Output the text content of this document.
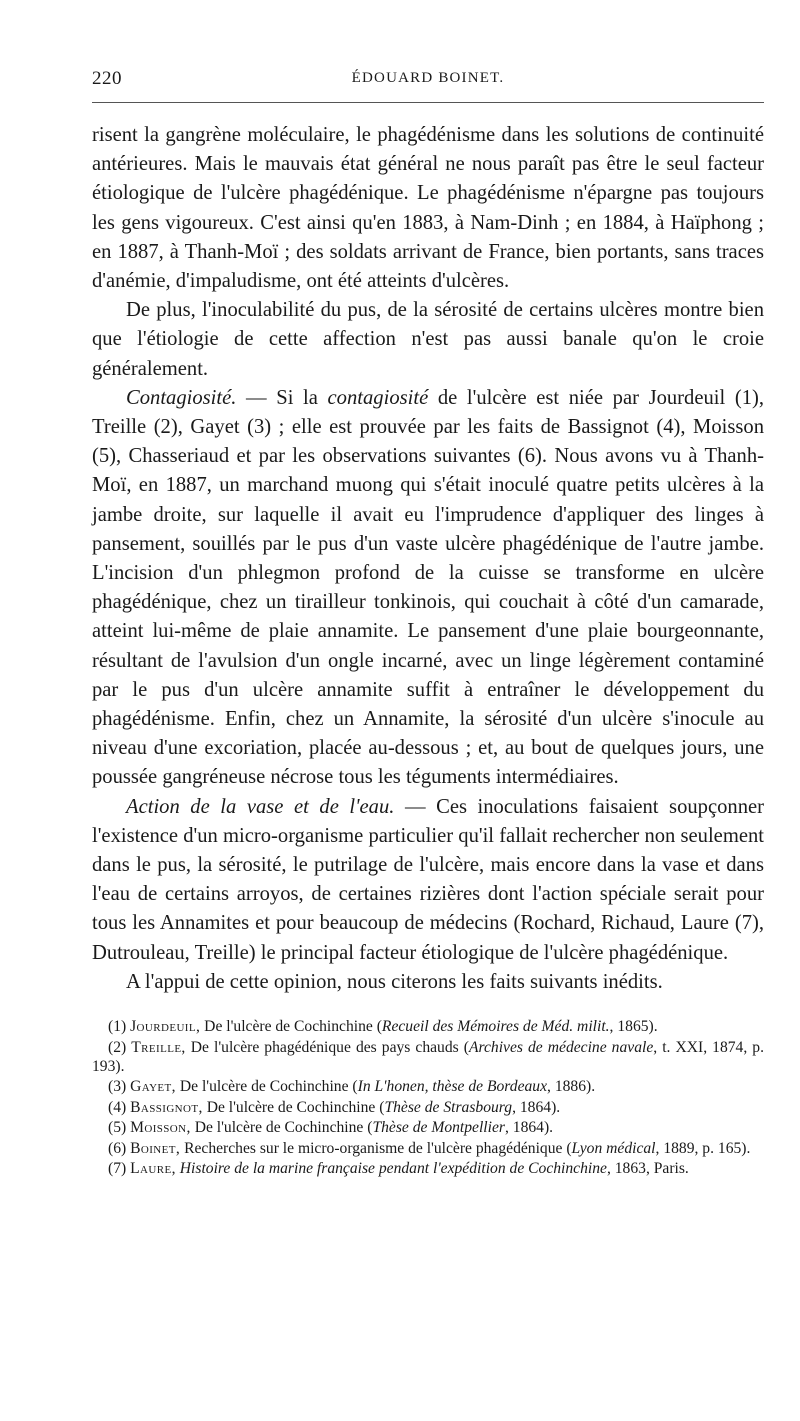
220	ÉDOUARD BOINET.

risent la gangrène moléculaire, le phagédénisme dans les solutions de continuité antérieures. Mais le mauvais état général ne nous paraît pas être le seul facteur étiologique de l'ulcère phagédénique. Le phagédénisme n'épargne pas toujours les gens vigoureux. C'est ainsi qu'en 1883, à Nam-Dinh ; en 1884, à Haïphong ; en 1887, à Thanh-Moï ; des soldats arrivant de France, bien portants, sans traces d'anémie, d'impaludisme, ont été atteints d'ulcères.

De plus, l'inoculabilité du pus, de la sérosité de certains ulcères montre bien que l'étiologie de cette affection n'est pas aussi banale qu'on le croie généralement.

Contagiosité. — Si la contagiosité de l'ulcère est niée par Jourdeuil (1), Treille (2), Gayet (3) ; elle est prouvée par les faits de Bassignot (4), Moisson (5), Chasseriaud et par les observations suivantes (6). Nous avons vu à Thanh-Moï, en 1887, un marchand muong qui s'était inoculé quatre petits ulcères à la jambe droite, sur laquelle il avait eu l'imprudence d'appliquer des linges à pansement, souillés par le pus d'un vaste ulcère phagédénique de l'autre jambe. L'incision d'un phlegmon profond de la cuisse se transforme en ulcère phagédénique, chez un tirailleur tonkinois, qui couchait à côté d'un camarade, atteint lui-même de plaie annamite. Le pansement d'une plaie bourgeonnante, résultant de l'avulsion d'un ongle incarné, avec un linge légèrement contaminé par le pus d'un ulcère annamite suffit à entraîner le développement du phagédénisme. Enfin, chez un Annamite, la sérosité d'un ulcère s'inocule au niveau d'une excoriation, placée au-dessous ; et, au bout de quelques jours, une poussée gangréneuse nécrose tous les téguments intermédiaires.

Action de la vase et de l'eau. — Ces inoculations faisaient soupçonner l'existence d'un micro-organisme particulier qu'il fallait rechercher non seulement dans le pus, la sérosité, le putrilage de l'ulcère, mais encore dans la vase et dans l'eau de certains arroyos, de certaines rizières dont l'action spéciale serait pour tous les Annamites et pour beaucoup de médecins (Rochard, Richaud, Laure (7), Dutrouleau, Treille) le principal facteur étiologique de l'ulcère phagédénique.

A l'appui de cette opinion, nous citerons les faits suivants inédits.

(1) Jourdeuil, De l'ulcère de Cochinchine (Recueil des Mémoires de Méd. milit., 1865).

(2) Treille, De l'ulcère phagédénique des pays chauds (Archives de médecine navale, t. XXI, 1874, p. 193).

(3) Gayet, De l'ulcère de Cochinchine (In L'honen, thèse de Bordeaux, 1886).

(4) Bassignot, De l'ulcère de Cochinchine (Thèse de Strasbourg, 1864).

(5) Moisson, De l'ulcère de Cochinchine (Thèse de Montpellier, 1864).

(6) Boinet, Recherches sur le micro-organisme de l'ulcère phagédénique (Lyon médical, 1889, p. 165).

(7) Laure, Histoire de la marine française pendant l'expédition de Cochinchine, 1863, Paris.
